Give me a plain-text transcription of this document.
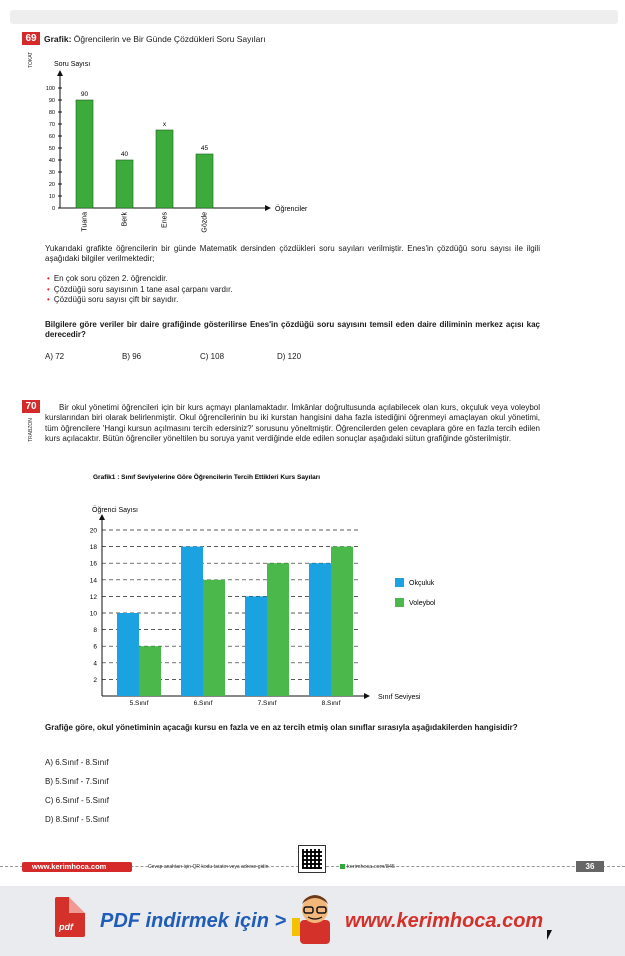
69
TOKAT
Grafik: Öğrencilerin ve Bir Günde Çözdükleri Soru Sayıları
Soru Sayısı
Öğrenciler
0
10
20
30
40
50
60
70
80
90
100
90
Tuana
40
Berk
x
Enes
45
Gözde
Yukarıdaki grafikte öğrencilerin bir günde Matematik dersinden çözdükleri soru sayıları verilmiştir. Enes'in çözdüğü soru sayısı ile ilgili aşağıdaki bilgiler verilmektedir;
• En çok soru çözen 2. öğrencidir.
• Çözdüğü soru sayısının 1 tane asal çarpanı vardır.
• Çözdüğü soru sayısı çift bir sayıdır.
Bilgilere göre veriler bir daire grafiğinde gösterilirse Enes'in çözdüğü soru sayısını temsil eden daire diliminin merkez açısı kaç derecedir?
A) 72	B) 96	C) 108	D) 120
70
TRABZON
Bir okul yönetimi öğrencileri için bir kurs açmayı planlamaktadır. İmkânlar doğrultusunda açılabilecek olan kurs, okçuluk veya voleybol kurslarından biri olarak belirlenmiştir. Okul öğrencilerinin bu iki kurstan hangisini daha fazla istediğini öğrenmeyi amaçlayan okul yönetimi, tüm öğrencilere 'Hangi kursun açılmasını tercih edersiniz?' sorusunu yöneltmiştir. Öğrencilerden gelen cevaplara göre en fazla tercih edilen kurs açılacaktır. Bütün öğrenciler yöneltilen bu soruya yanıt verdiğinde elde edilen sonuçlar aşağıdaki sütun grafiğinde gösterilmiştir.
Grafik1 : Sınıf Seviyelerine Göre Öğrencilerin Tercih Ettikleri Kurs Sayıları
Öğrenci Sayısı
2
4
6
8
10
12
14
16
18
20
Sınıf Seviyesi
5.Sınıf	6.Sınıf	7.Sınıf	8.Sınıf
Okçuluk
Voleybol
Grafiğe göre, okul yönetiminin açacağı kursu en fazla ve en az tercih etmiş olan sınıflar sırasıyla aşağıdakilerden hangisidir?
A) 6.Sınıf - 8.Sınıf
B) 5.Sınıf - 7.Sınıf
C) 6.Sınıf - 5.Sınıf
D) 8.Sınıf - 5.Sınıf
www.kerimhoca.com	Cevap anahtarı için QR kodu taratın veya adrese gidin.	kerimhoca.com/845	36
pdf PDF indirmek için >	www.kerimhoca.com
